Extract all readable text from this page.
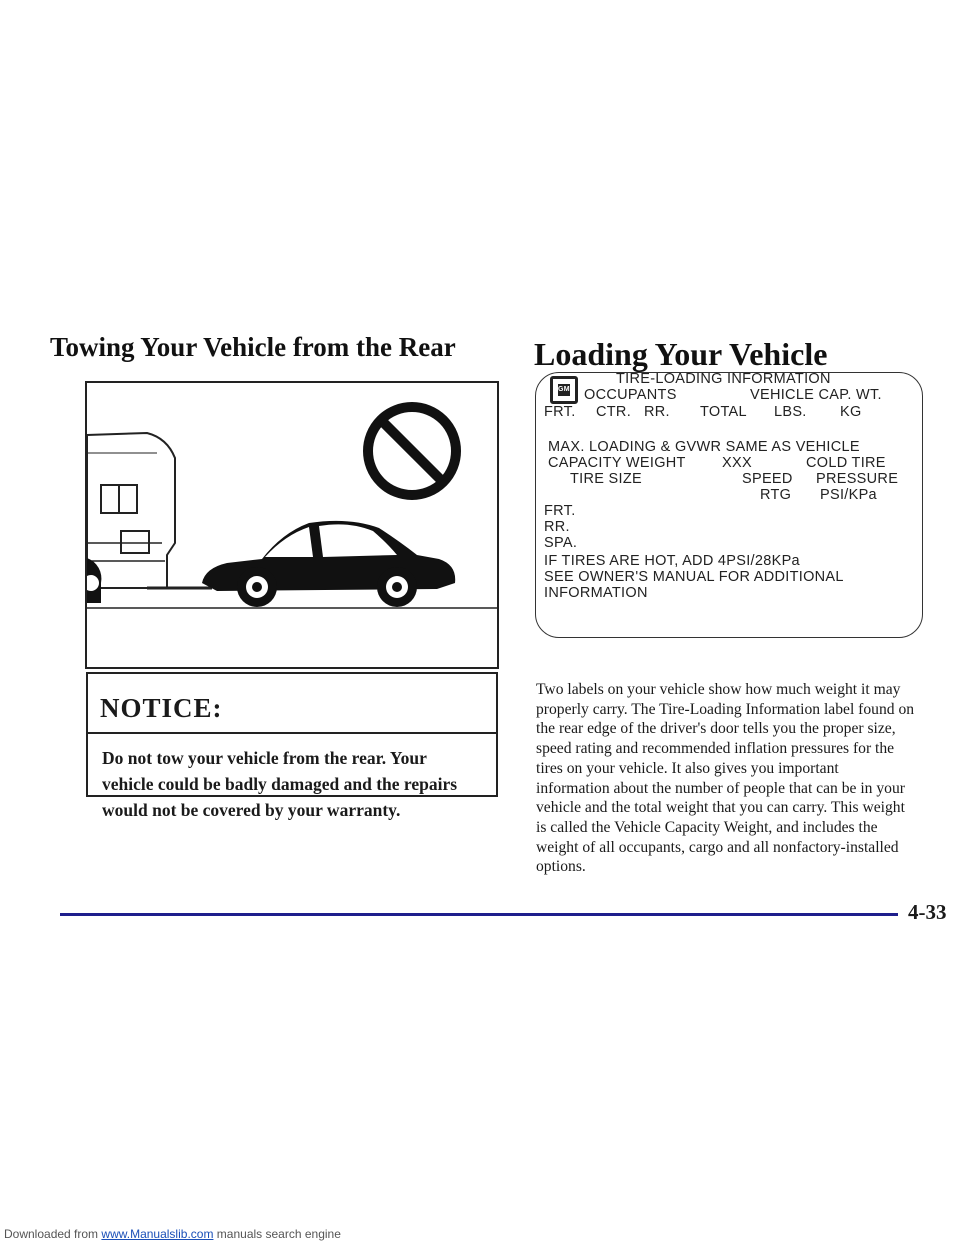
Towing Your Vehicle from the Rear Loading Your Vehicle
NOTICE:
Do not tow your vehicle from the rear. Your vehicle could be badly damaged and the repairs would not be covered by your warranty.
GM
TIRE-LOADING INFORMATION
OCCUPANTS	VEHICLE CAP. WT.
FRT. CTR. RR. TOTAL LBS. KG
MAX. LOADING & GVWR SAME AS VEHICLE
CAPACITY WEIGHT	XXX	COLD TIRE
TIRE SIZE	SPEED PRESSURE
RTG PSI/KPa
FRT.
RR.
SPA.
IF TIRES ARE HOT, ADD 4PSI/28KPa
SEE OWNER'S MANUAL FOR ADDITIONAL
INFORMATION
Two labels on your vehicle show how much weight it may properly carry. The Tire-Loading Information label found on the rear edge of the driver's door tells you the proper size, speed rating and recommended inflation pressures for the tires on your vehicle. It also gives you important information about the number of people that can be in your vehicle and the total weight that you can carry. This weight is called the Vehicle Capacity Weight, and includes the weight of all occupants, cargo and all nonfactory-installed options.
4-33
Downloaded from www.Manualslib.com manuals search engine
